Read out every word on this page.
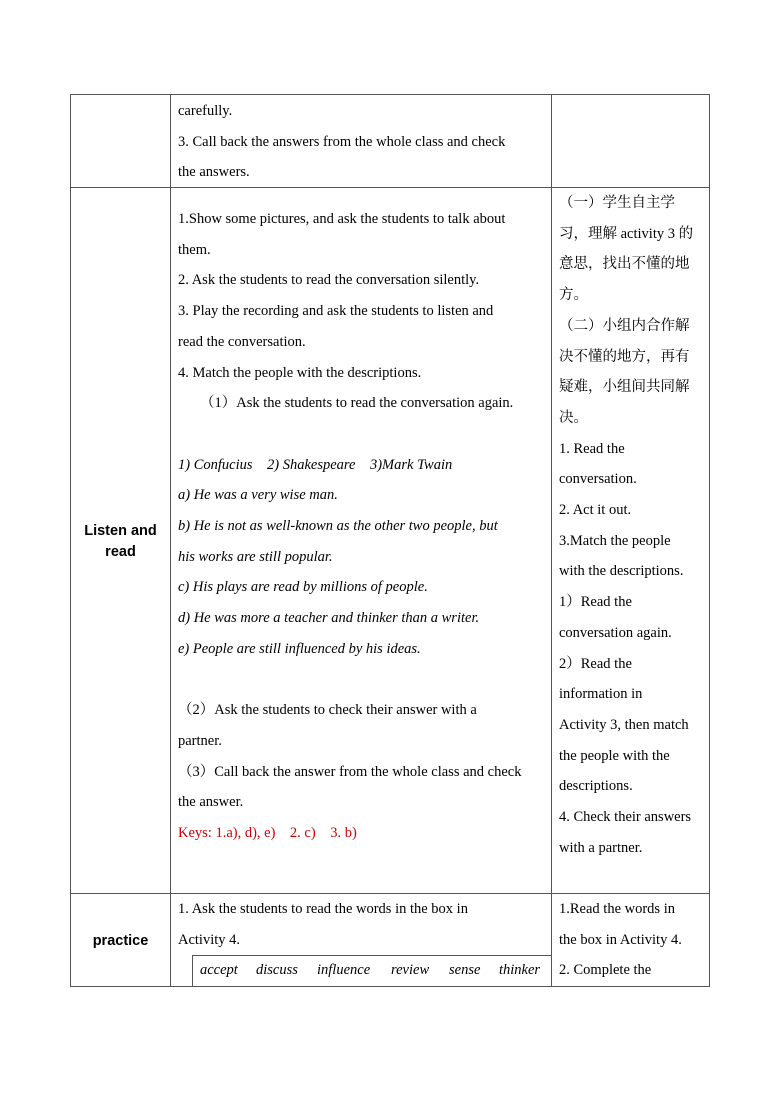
carefully.

3. Call back the answers from the whole class and check

the answers.

Listen and
read

1.Show some pictures, and ask the students to talk about

them.

2. Ask the students to read the conversation silently.

3. Play the recording and ask the students to listen and

read the conversation.

4. Match the people with the descriptions.

（1）Ask the students to read the conversation again.

1) Confucius    2) Shakespeare    3)Mark Twain

a) He was a very wise man.

b) He is not as well-known as the other two people, but

his works are still popular.

c) His plays are read by millions of people.

d) He was more a teacher and thinker than a writer.

e) People are still influenced by his ideas.

（2）Ask the students to check their answer with a

partner.

（3）Call back the answer from the whole class and check

the answer.

Keys: 1.a), d), e)    2. c)    3. b)

（一）学生自主学

习，理解 activity 3 的

意思，找出不懂的地

方。

（二）小组内合作解

决不懂的地方，再有

疑难，小组间共同解

决。

1. Read the

conversation.

2. Act it out.

3.Match the people

with the descriptions.

1）Read the

conversation again.

2）Read the

information in

Activity 3, then match

the people with the

descriptions.

4. Check their answers

with a partner.

practice

1. Ask the students to read the words in the box in

Activity 4.

accept discuss influence review sense thinker

1.Read the words in

the box in Activity 4.

2. Complete the
